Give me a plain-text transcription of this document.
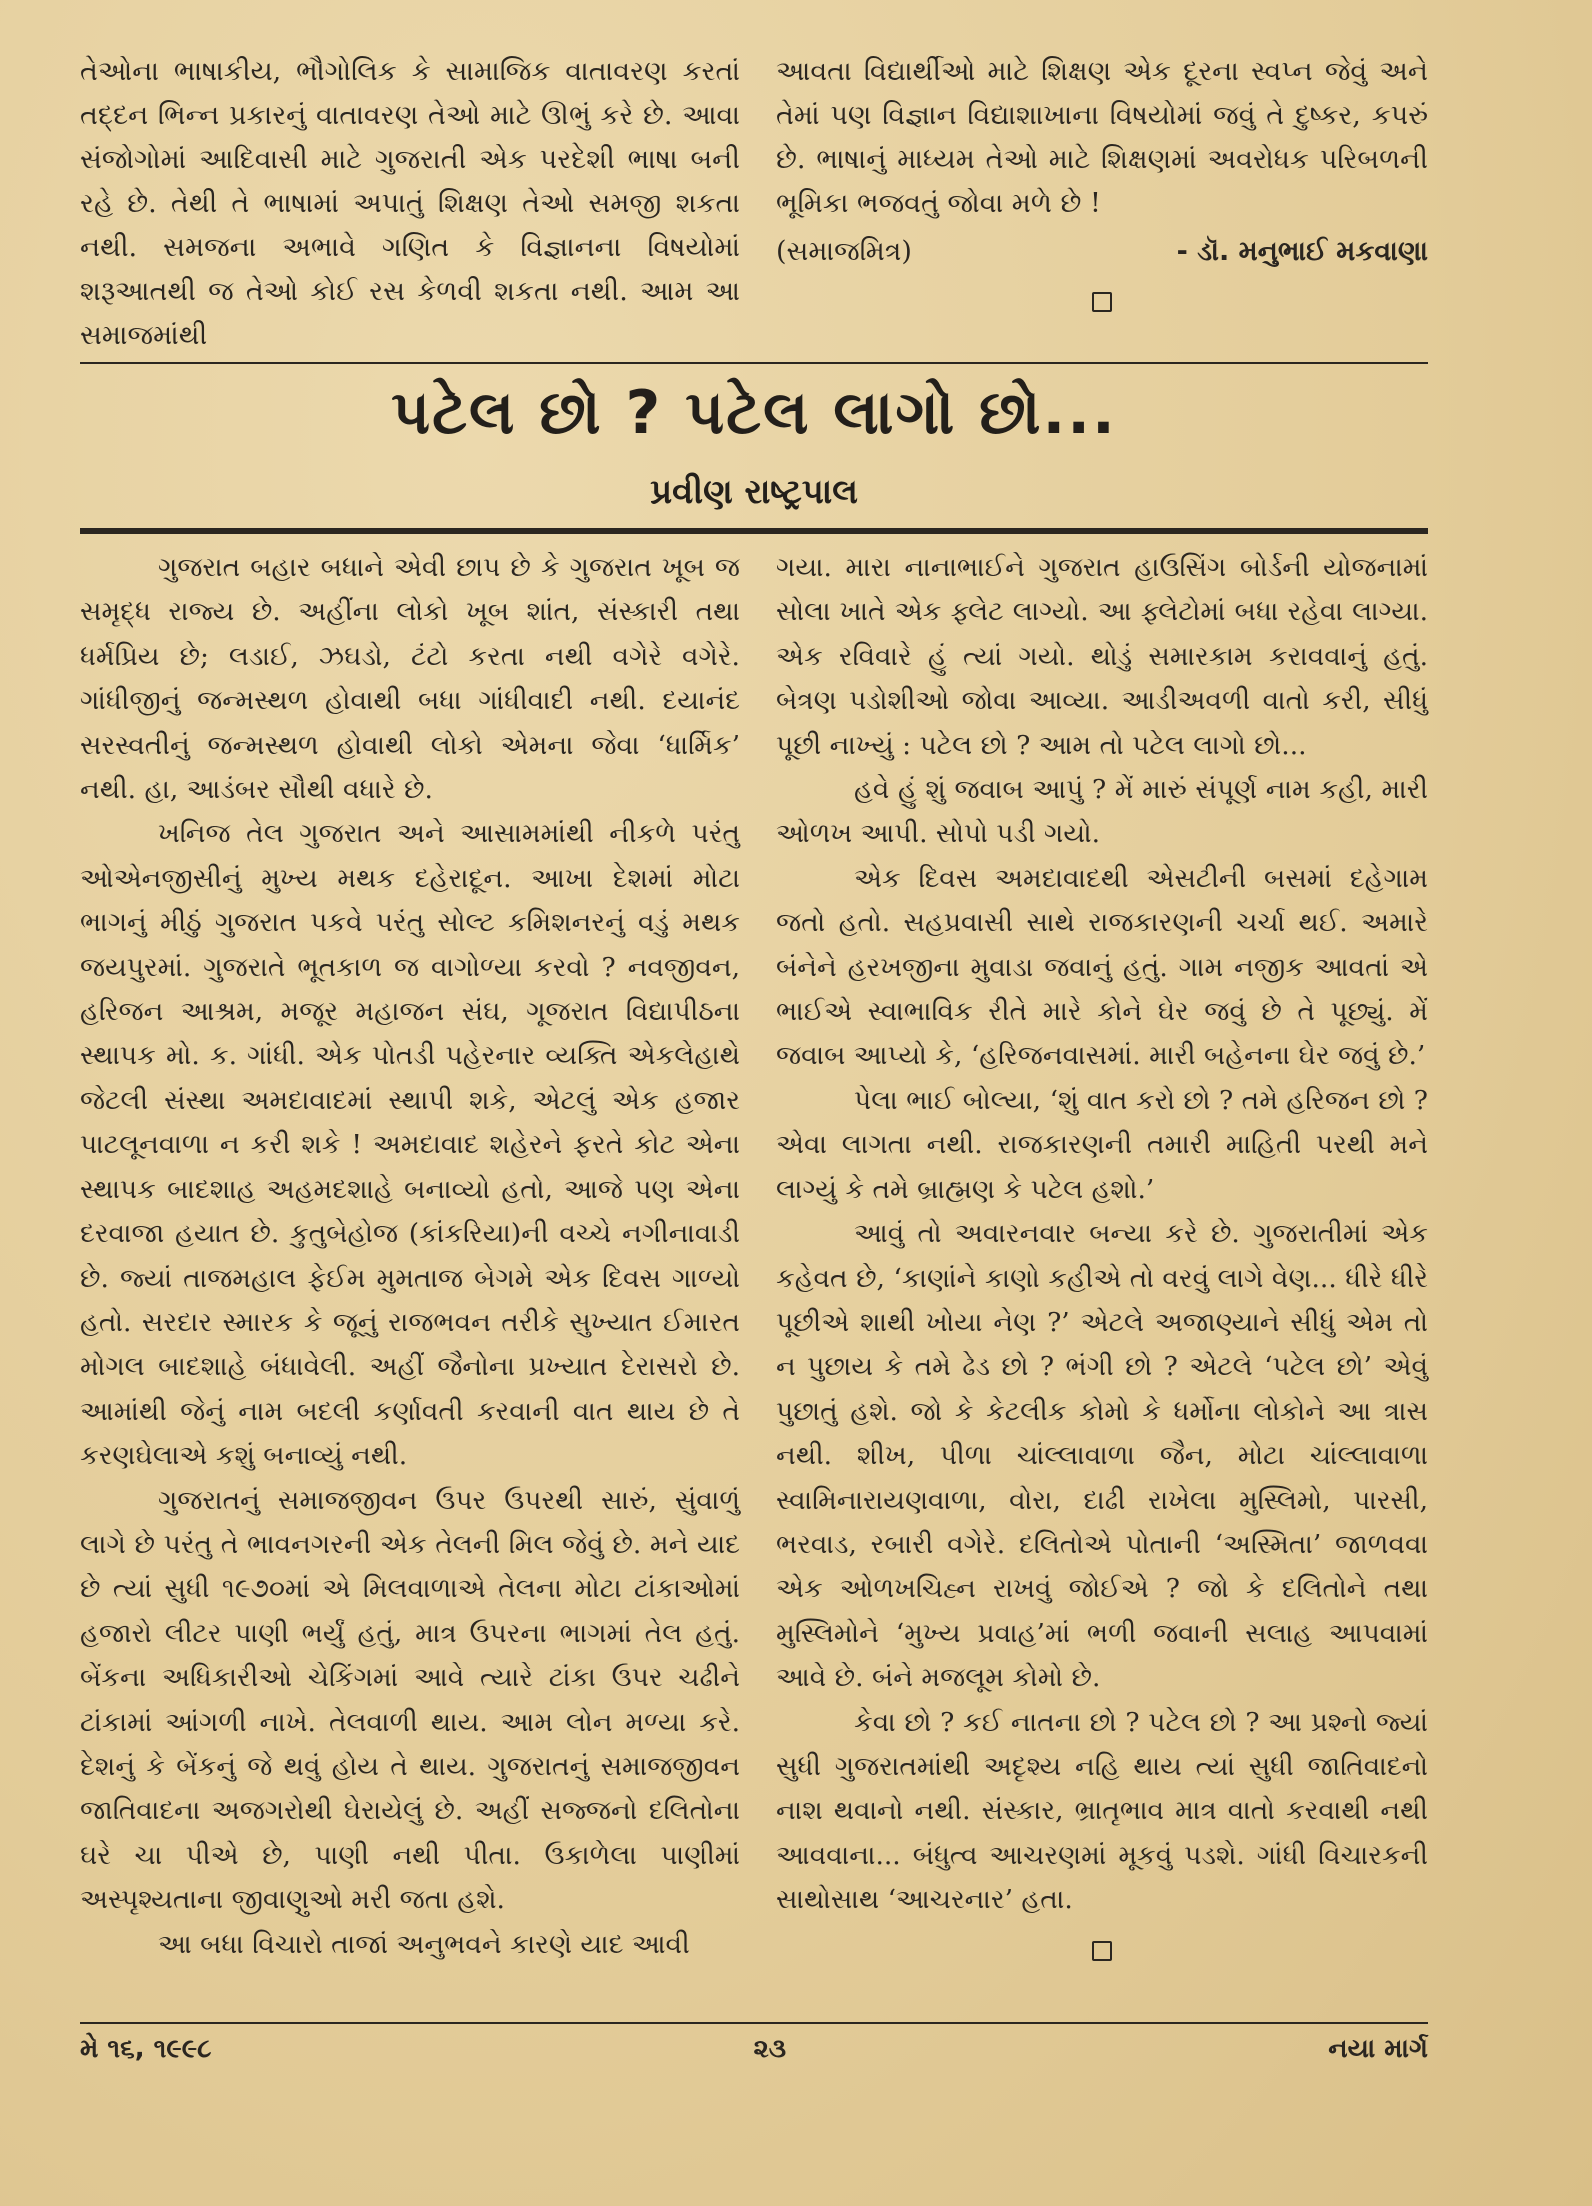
તેઓના ભાષાકીય, ભૌગોલિક કે સામાજિક વાતાવરણ કરતાં તદ્દન ભિન્ન પ્રકારનું વાતાવરણ તેઓ માટે ઊભું કરે છે. આવા સંજોગોમાં આદિવાસી માટે ગુજરાતી એક પરદેશી ભાષા બની રહે છે. તેથી તે ભાષામાં અપાતું શિક્ષણ તેઓ સમજી શકતા નથી. સમજના અભાવે ગણિત કે વિજ્ઞાનના વિષયોમાં શરૂઆતથી જ તેઓ કોઈ રસ કેળવી શકતા નથી. આમ આ સમાજમાંથી

આવતા વિદ્યાર્થીઓ માટે શિક્ષણ એક દૂરના સ્વપ્ન જેવું અને તેમાં પણ વિજ્ઞાન વિદ્યાશાખાના વિષયોમાં જવું તે દુષ્કર, કપરું છે. ભાષાનું માધ્યમ તેઓ માટે શિક્ષણમાં અવરોધક પરિબળની ભૂમિકા ભજવતું જોવા મળે છે !

(સમાજમિત્ર)	- ડૉ. મનુભાઈ મકવાણા
પટેલ છો ? પટેલ લાગો છો...
પ્રવીણ રાષ્ટ્રપાલ

ગુજરાત બહાર બધાને એવી છાપ છે કે ગુજરાત ખૂબ જ સમૃદ્ધ રાજ્ય છે. અહીંના લોકો ખૂબ શાંત, સંસ્કારી તથા ધર્મપ્રિય છે; લડાઈ, ઝઘડો, ટંટો કરતા નથી વગેરે વગેરે. ગાંધીજીનું જન્મસ્થળ હોવાથી બધા ગાંધીવાદી નથી. દયાનંદ સરસ્વતીનું જન્મસ્થળ હોવાથી લોકો એમના જેવા ‘ધાર્મિક’ નથી. હા, આડંબર સૌથી વધારે છે.

ખનિજ તેલ ગુજરાત અને આસામમાંથી નીકળે પરંતુ ઓએનજીસીનું મુખ્ય મથક દહેરાદૂન. આખા દેશમાં મોટા ભાગનું મીઠું ગુજરાત પકવે પરંતુ સોલ્ટ કમિશનરનું વડું મથક જયપુરમાં. ગુજરાતે ભૂતકાળ જ વાગોળ્યા કરવો ? નવજીવન, હરિજન આશ્રમ, મજૂર મહાજન સંઘ, ગૂજરાત વિદ્યાપીઠના સ્થાપક મો. ક. ગાંધી. એક પોતડી પહેરનાર વ્યક્તિ એકલેહાથે જેટલી સંસ્થા અમદાવાદમાં સ્થાપી શકે, એટલું એક હજાર પાટલૂનવાળા ન કરી શકે ! અમદાવાદ શહેરને ફરતે કોટ એના સ્થાપક બાદશાહ અહમદશાહે બનાવ્યો હતો, આજે પણ એના દરવાજા હયાત છે. કુતુબેહોજ (કાંકરિયા)ની વચ્ચે નગીનાવાડી છે. જ્યાં તાજમહાલ ફેઈમ મુમતાજ બેગમે એક દિવસ ગાળ્યો હતો. સરદાર સ્મારક કે જૂનું રાજભવન તરીકે સુખ્યાત ઈમારત મોગલ બાદશાહે બંધાવેલી. અહીં જૈનોના પ્રખ્યાત દેરાસરો છે. આમાંથી જેનું નામ બદલી કર્ણાવતી કરવાની વાત થાય છે તે કરણઘેલાએ કશું બનાવ્યું નથી.

ગુજરાતનું સમાજજીવન ઉપર ઉપરથી સારું, સુંવાળું લાગે છે પરંતુ તે ભાવનગરની એક તેલની મિલ જેવું છે. મને યાદ છે ત્યાં સુધી ૧૯૭૦માં એ મિલવાળાએ તેલના મોટા ટાંકાઓમાં હજારો લીટર પાણી ભર્યું હતું, માત્ર ઉપરના ભાગમાં તેલ હતું. બેંકના અધિકારીઓ ચેકિંગમાં આવે ત્યારે ટાંકા ઉપર ચઢીને ટાંકામાં આંગળી નાખે. તેલવાળી થાય. આમ લોન મળ્યા કરે. દેશનું કે બેંકનું જે થવું હોય તે થાય. ગુજરાતનું સમાજજીવન જાતિવાદના અજગરોથી ઘેરાયેલું છે. અહીં સજ્જનો દલિતોના ઘરે ચા પીએ છે, પાણી નથી પીતા. ઉકાળેલા પાણીમાં અસ્પૃશ્યતાના જીવાણુઓ મરી જતા હશે.

આ બધા વિચારો તાજાં અનુભવને કારણે યાદ આવી

ગયા. મારા નાનાભાઈને ગુજરાત હાઉસિંગ બોર્ડની યોજનામાં સોલા ખાતે એક ફ્લેટ લાગ્યો. આ ફ્લેટોમાં બધા રહેવા લાગ્યા. એક રવિવારે હું ત્યાં ગયો. થોડું સમારકામ કરાવવાનું હતું. બેત્રણ પડોશીઓ જોવા આવ્યા. આડીઅવળી વાતો કરી, સીધું પૂછી નાખ્યું : પટેલ છો ? આમ તો પટેલ લાગો છો...

હવે હું શું જવાબ આપું ? મેં મારું સંપૂર્ણ નામ કહી, મારી ઓળખ આપી. સોપો પડી ગયો.

એક દિવસ અમદાવાદથી એસટીની બસમાં દહેગામ જતો હતો. સહપ્રવાસી સાથે રાજકારણની ચર્ચા થઈ. અમારે બંનેને હરખજીના મુવાડા જવાનું હતું. ગામ નજીક આવતાં એ ભાઈએ સ્વાભાવિક રીતે મારે કોને ઘેર જવું છે તે પૂછ્યું. મેં જવાબ આપ્યો કે, ‘હરિજનવાસમાં. મારી બહેનના ઘેર જવું છે.’

પેલા ભાઈ બોલ્યા, ‘શું વાત કરો છો ? તમે હરિજન છો ? એવા લાગતા નથી. રાજકારણની તમારી માહિતી પરથી મને લાગ્યું કે તમે બ્રાહ્મણ કે પટેલ હશો.’

આવું તો અવારનવાર બન્યા કરે છે. ગુજરાતીમાં એક કહેવત છે, ‘કાણાંને કાણો કહીએ તો વરવું લાગે વેણ... ધીરે ધીરે પૂછીએ શાથી ખોયા નેણ ?’ એટલે અજાણ્યાને સીધું એમ તો ન પુછાય કે તમે ઢેડ છો ? ભંગી છો ? એટલે ‘પટેલ છો’ એવું પુછાતું હશે. જો કે કેટલીક કોમો કે ધર્મોના લોકોને આ ત્રાસ નથી. શીખ, પીળા ચાંલ્લાવાળા જૈન, મોટા ચાંલ્લાવાળા સ્વામિનારાયણવાળા, વોરા, દાઢી રાખેલા મુસ્લિમો, પારસી, ભરવાડ, રબારી વગેરે. દલિતોએ પોતાની ‘અસ્મિતા’ જાળવવા એક ઓળખચિહ્ન રાખવું જોઈએ ? જો કે દલિતોને તથા મુસ્લિમોને ‘મુખ્ય પ્રવાહ’માં ભળી જવાની સલાહ આપવામાં આવે છે. બંને મજલૂમ કોમો છે.

કેવા છો ? કઈ નાતના છો ? પટેલ છો ? આ પ્રશ્નો જ્યાં સુધી ગુજરાતમાંથી અદૃશ્ય નહિ થાય ત્યાં સુધી જાતિવાદનો નાશ થવાનો નથી. સંસ્કાર, ભ્રાતૃભાવ માત્ર વાતો કરવાથી નથી આવવાના... બંધુત્વ આચરણમાં મૂકવું પડશે. ગાંધી વિચારકની સાથોસાથ ‘આચરનાર’ હતા.

મે ૧૬, ૧૯૯૮	૨૩	નયા માર્ગ
